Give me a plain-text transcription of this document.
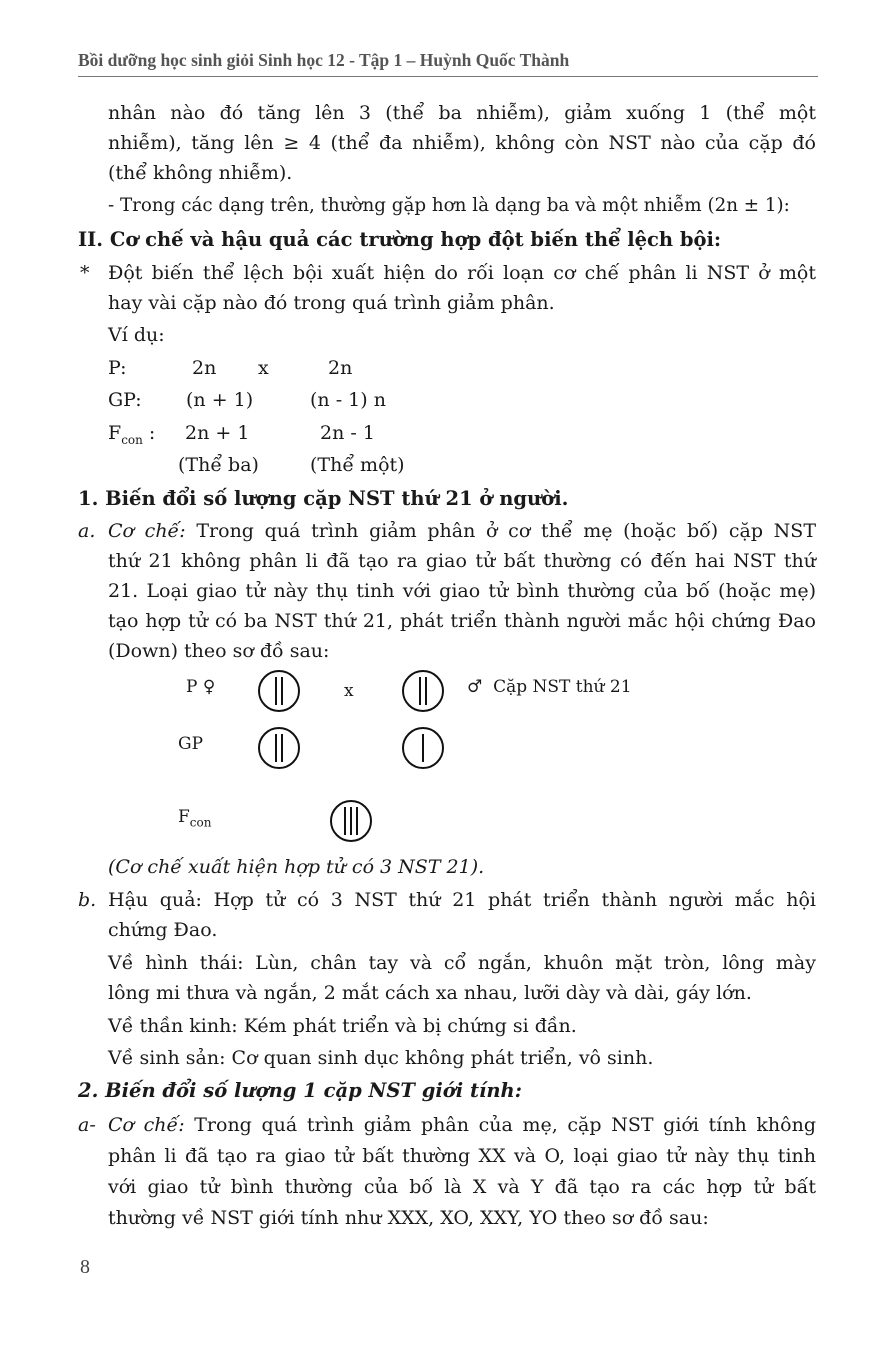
Bồi dưỡng học sinh giỏi Sinh học 12 - Tập 1 – Huỳnh Quốc Thành
nhân nào đó tăng lên 3 (thể ba nhiễm), giảm xuống 1 (thể một
nhiễm), tăng lên ≥ 4 (thể đa nhiễm), không còn NST nào của cặp đó
(thể không nhiễm).
- Trong các dạng trên, thường gặp hơn là dạng ba và một nhiễm (2n ± 1):
II. Cơ chế và hậu quả các trường hợp đột biến thể lệch bội:
* Đột biến thể lệch bội xuất hiện do rối loạn cơ chế phân li NST ở một
hay vài cặp nào đó trong quá trình giảm phân.
Ví dụ:
P:	2n x	2n
GP: (n + 1)	(n - 1) n
$F_{con}$ : 2n + 1	2n - 1
(Thể ba)	(Thể một)
1. Biến đổi số lượng cặp NST thứ 21 ở người.
a. Cơ chế: Trong quá trình giảm phân ở cơ thể mẹ (hoặc bố) cặp NST
thứ 21 không phân li đã tạo ra giao tử bất thường có đến hai NST thứ
21. Loại giao tử này thụ tinh với giao tử bình thường của bố (hoặc mẹ)
tạo hợp tử có ba NST thứ 21, phát triển thành người mắc hội chứng Đao
(Down) theo sơ đồ sau:
P ♀	x	♂ Cặp NST thứ 21
GP
$F_{con}$
(Cơ chế xuất hiện hợp tử có 3 NST 21).
b. Hậu quả: Hợp tử có 3 NST thứ 21 phát triển thành người mắc hội
chứng Đao.
Về hình thái: Lùn, chân tay và cổ ngắn, khuôn mặt tròn, lông mày
lông mi thưa và ngắn, 2 mắt cách xa nhau, lưỡi dày và dài, gáy lớn.
Về thần kinh: Kém phát triển và bị chứng si đần.
Về sinh sản: Cơ quan sinh dục không phát triển, vô sinh.
2. Biến đổi số lượng 1 cặp NST giới tính:
a- Cơ chế: Trong quá trình giảm phân của mẹ, cặp NST giới tính không
phân li đã tạo ra giao tử bất thường XX và O, loại giao tử này thụ tinh
với giao tử bình thường của bố là X và Y đã tạo ra các hợp tử bất
thường về NST giới tính như XXX, XO, XXY, YO theo sơ đồ sau:
8
